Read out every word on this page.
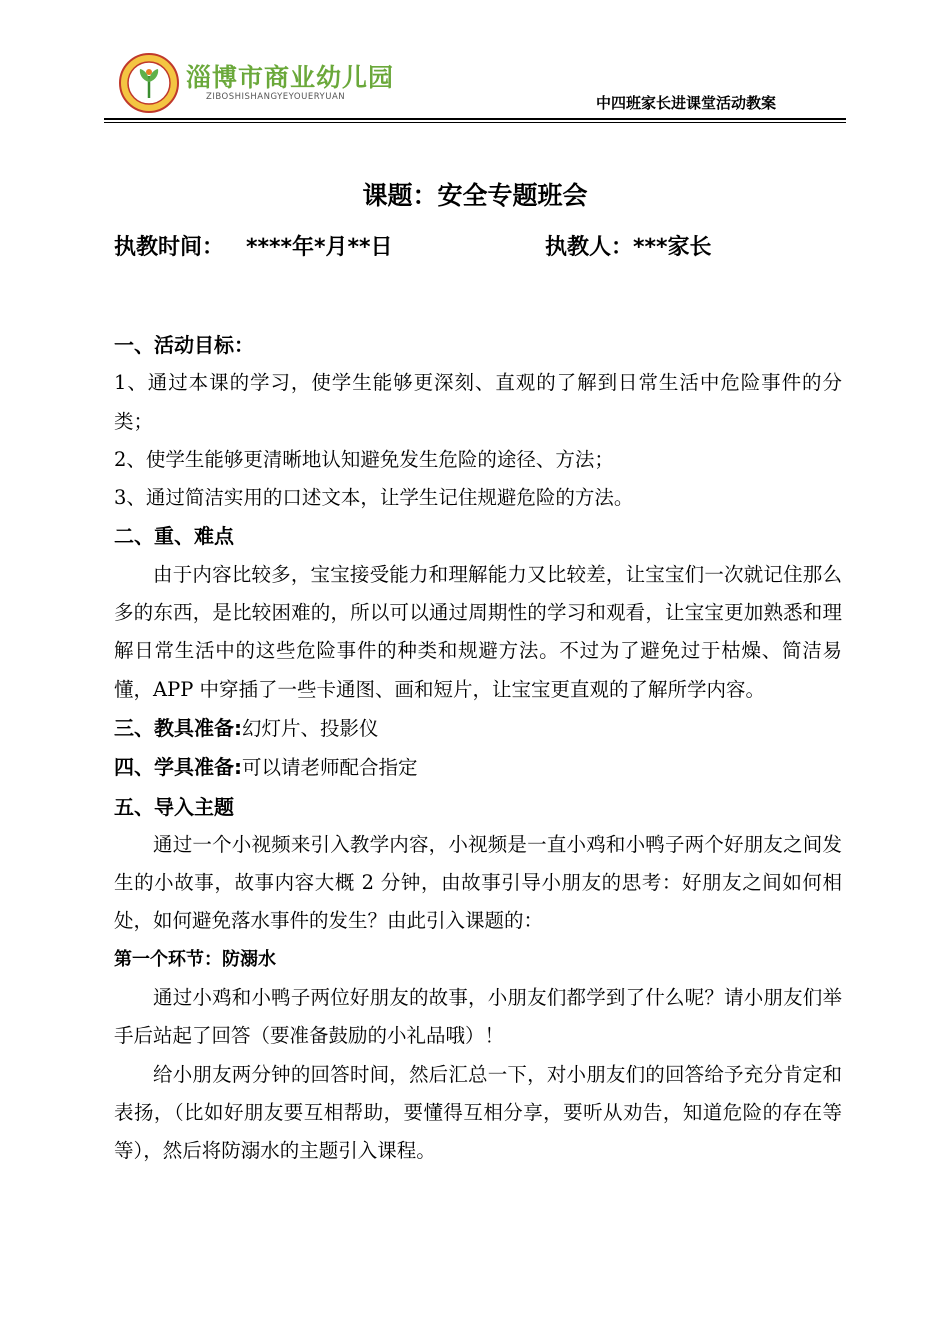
淄博市商业幼儿园
ZIBOSHISHANGYEYOUERYUAN	中四班家长进课堂活动教案
课题：安全专题班会
执教时间： ****年*月**日	执教人：***家长

一、活动目标：

1、通过本课的学习，使学生能够更深刻、直观的了解到日常生活中危险事件的分类；

2、使学生能够更清晰地认知避免发生危险的途径、方法；

3、通过简洁实用的口述文本，让学生记住规避危险的方法。

二、重、难点

由于内容比较多，宝宝接受能力和理解能力又比较差，让宝宝们一次就记住那么多的东西，是比较困难的，所以可以通过周期性的学习和观看，让宝宝更加熟悉和理解日常生活中的这些危险事件的种类和规避方法。不过为了避免过于枯燥、简洁易懂，APP 中穿插了一些卡通图、画和短片，让宝宝更直观的了解所学内容。

三、教具准备:幻灯片、投影仪

四、学具准备:可以请老师配合指定

五、导入主题

通过一个小视频来引入教学内容，小视频是一直小鸡和小鸭子两个好朋友之间发生的小故事，故事内容大概 2 分钟，由故事引导小朋友的思考：好朋友之间如何相处，如何避免落水事件的发生？由此引入课题的：

第一个环节：防溺水

通过小鸡和小鸭子两位好朋友的故事，小朋友们都学到了什么呢？请小朋友们举手后站起了回答（要准备鼓励的小礼品哦）！

给小朋友两分钟的回答时间，然后汇总一下，对小朋友们的回答给予充分肯定和表扬，（比如好朋友要互相帮助，要懂得互相分享，要听从劝告，知道危险的存在等等），然后将防溺水的主题引入课程。
